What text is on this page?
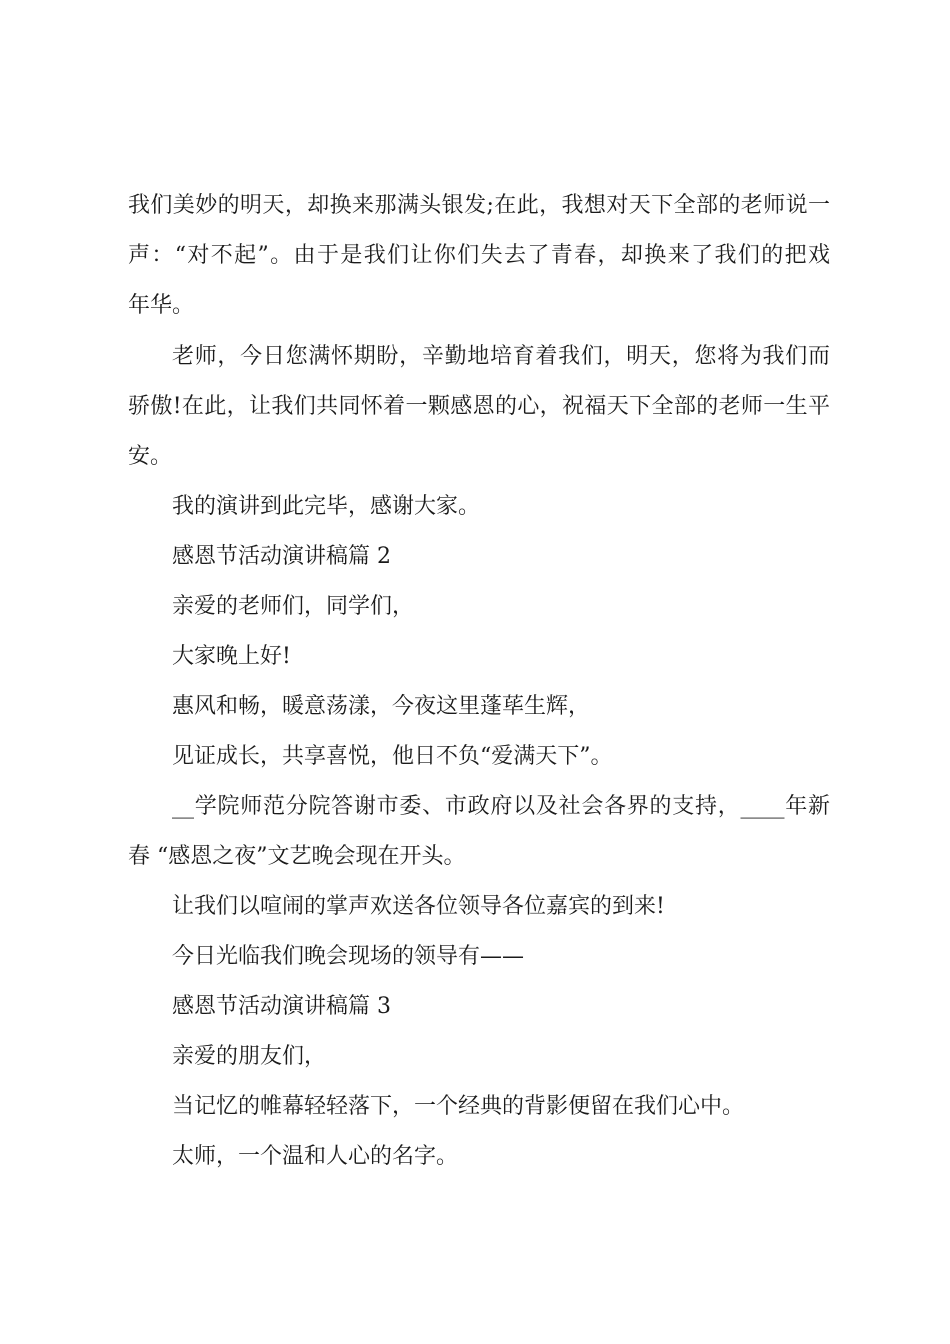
我们美妙的明天，却换来那满头银发;在此，我想对天下全部的老师说一
声：“对不起”。由于是我们让你们失去了青春，却换来了我们的把戏
年华。
老师，今日您满怀期盼，辛勤地培育着我们，明天，您将为我们而
骄傲!在此，让我们共同怀着一颗感恩的心，祝福天下全部的老师一生平
安。
我的演讲到此完毕，感谢大家。
感恩节活动演讲稿篇 2
亲爱的老师们，同学们，
大家晚上好!
惠风和畅，暖意荡漾，今夜这里蓬荜生辉，
见证成长，共享喜悦，他日不负“爱满天下”。
__学院师范分院答谢市委、市政府以及社会各界的支持，____年新
春 “感恩之夜”文艺晚会现在开头。
让我们以喧闹的掌声欢送各位领导各位嘉宾的到来!
今日光临我们晚会现场的领导有——
感恩节活动演讲稿篇 3
亲爱的朋友们，
当记忆的帷幕轻轻落下，一个经典的背影便留在我们心中。
太师，一个温和人心的名字。
